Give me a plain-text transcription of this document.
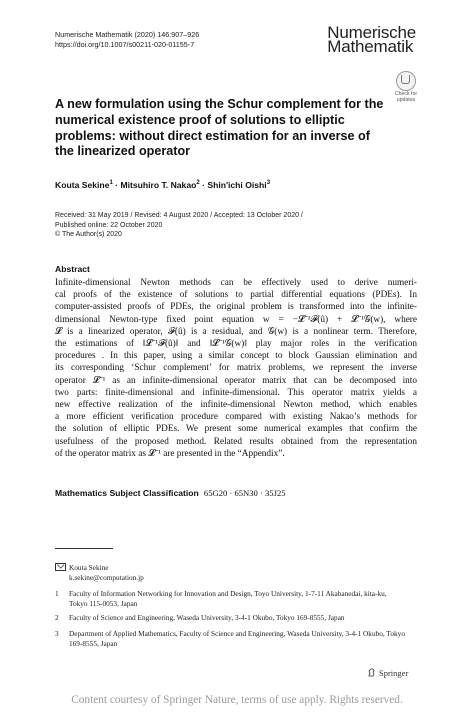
Numerische Mathematik (2020) 146:907–926
https://doi.org/10.1007/s00211-020-01155-7
Numerische
Mathematik
Check for
updates
A new formulation using the Schur complement for the numerical existence proof of solutions to elliptic problems: without direct estimation for an inverse of the linearized operator
Kouta Sekine$^1$ · Mitsuhiro T. Nakao$^2$ · Shin'ichi Oishi$^3$
Received: 31 May 2019 / Revised: 4 August 2020 / Accepted: 13 October 2020 /
Published online: 22 October 2020
© The Author(s) 2020
Abstract
Infinite-dimensional Newton methods can be effectively used to derive numeri-
cal proofs of the existence of solutions to partial differential equations (PDEs). In
computer-assisted proofs of PDEs, the original problem is transformed into the infinite-
dimensional Newton-type fixed point equation w = −𝓛⁻¹𝓕(û) + 𝓛⁻¹𝒢(w), where
𝓛 is a linearized operator, 𝓕(û) is a residual, and 𝒢(w) is a nonlinear term. Therefore,
the estimations of ‖𝓛⁻¹𝓕(û)‖ and ‖𝓛⁻¹𝒢(w)‖ play major roles in the verification
procedures . In this paper, using a similar concept to block Gaussian elimination and
its corresponding ‘Schur complement’ for matrix problems, we represent the inverse
operator 𝓛⁻¹ as an infinite-dimensional operator matrix that can be decomposed into
two parts: finite-dimensional and infinite-dimensional. This operator matrix yields a
new effective realization of the infinite-dimensional Newton method, which enables
a more efficient verification procedure compared with existing Nakao’s methods for
the solution of elliptic PDEs. We present some numerical examples that confirm the
usefulness of the proposed method. Related results obtained from the representation
of the operator matrix as 𝓛⁻¹ are presented in the “Appendix”.
Mathematics Subject Classification 65G20 · 65N30 · 35J25
Kouta Sekine
k.sekine@computation.jp
1 Faculty of Information Networking for Innovation and Design, Toyo University, 1-7-11 Akabanedai, kita-ku, Tokyo 115-0053, Japan
2 Faculty of Science and Engineering, Waseda University, 3-4-1 Okubo, Tokyo 169-8555, Japan
3 Department of Applied Mathematics, Faculty of Science and Engineering, Waseda University, 3-4-1 Okubo, Tokyo 169-8555, Japan
Springer
Content courtesy of Springer Nature, terms of use apply. Rights reserved.
